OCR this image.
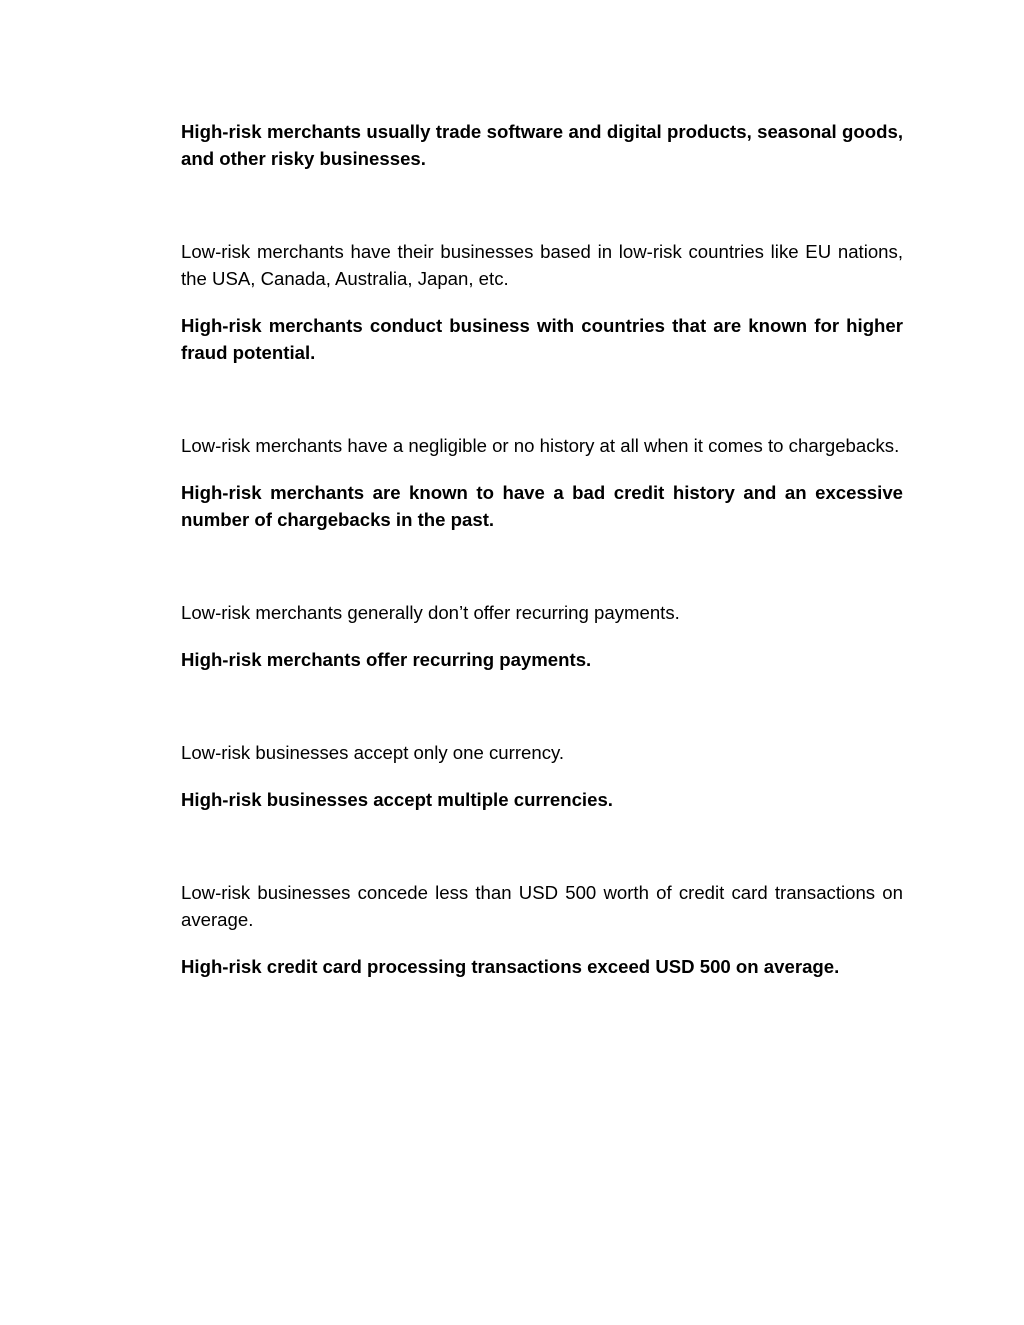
High-risk merchants usually trade software and digital products, seasonal goods, and other risky businesses.

Low-risk merchants have their businesses based in low-risk countries like EU nations, the USA, Canada, Australia, Japan, etc.

High-risk merchants conduct business with countries that are known for higher fraud potential.

Low-risk merchants have a negligible or no history at all when it comes to chargebacks.

High-risk merchants are known to have a bad credit history and an excessive number of chargebacks in the past.

Low-risk merchants generally don’t offer recurring payments.

High-risk merchants offer recurring payments.

Low-risk businesses accept only one currency.

High-risk businesses accept multiple currencies.

Low-risk businesses concede less than USD 500 worth of credit card transactions on average.

High-risk credit card processing transactions exceed USD 500 on average.
